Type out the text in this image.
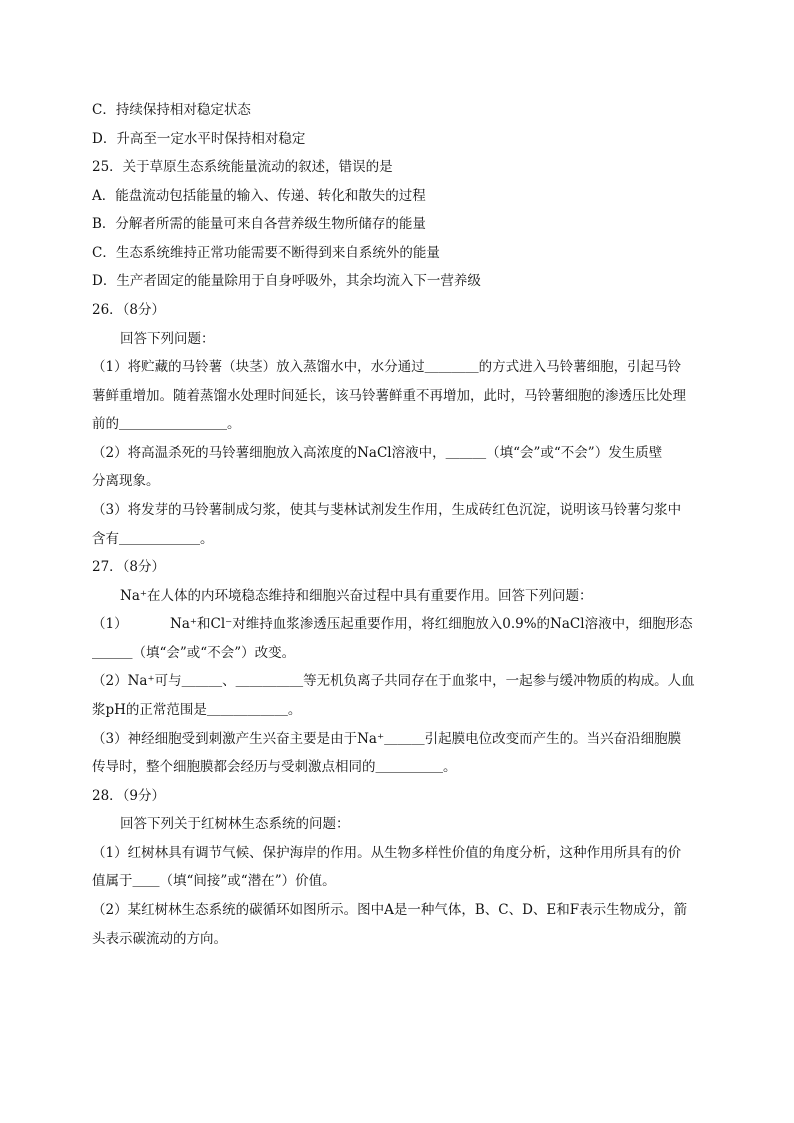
C．持续保持相对稳定状态
D．升高至一定水平时保持相对稳定
25．关于草原生态系统能量流动的叙述，错误的是
A．能盘流动包括能量的输入、传递、转化和散失的过程
B．分解者所需的能量可来自各营养级生物所储存的能量
C．生态系统维持正常功能需要不断得到来自系统外的能量
D．生产者固定的能量除用于自身呼吸外，其余均流入下一营养级
26．（8分）
回答下列问题：
（1）将贮藏的马铃薯（块茎）放入蒸馏水中，水分通过＿＿＿＿的方式进入马铃薯细胞，引起马铃
薯鲜重增加。随着蒸馏水处理时间延长，该马铃薯鲜重不再增加，此时，马铃薯细胞的渗透压比处理
前的＿＿＿＿＿＿＿＿。
（2）将高温杀死的马铃薯细胞放入高浓度的NaCl溶液中，＿＿＿（填“会”或“不会”）发生质壁
分离现象。
（3）将发芽的马铃薯制成匀浆，使其与斐林试剂发生作用，生成砖红色沉淀，说明该马铃薯匀浆中
含有＿＿＿＿＿＿。
27．（8分）
Na⁺在人体的内环境稳态维持和细胞兴奋过程中具有重要作用。回答下列问题：
（1）	Na⁺和Cl⁻对维持血浆渗透压起重要作用，将红细胞放入0.9%的NaCl溶液中，细胞形态
＿＿＿（填“会”或“不会”）改变。
（2）Na⁺可与＿＿＿、＿＿＿＿＿等无机负离子共同存在于血浆中，一起参与缓冲物质的构成。人血
浆pH的正常范围是＿＿＿＿＿＿。
（3）神经细胞受到刺激产生兴奋主要是由于Na⁺＿＿＿引起膜电位改变而产生的。当兴奋沿细胞膜
传导时，整个细胞膜都会经历与受刺激点相同的＿＿＿＿＿。
28．（9分）
回答下列关于红树林生态系统的问题：
（1）红树林具有调节气候、保护海岸的作用。从生物多样性价值的角度分析，这种作用所具有的价
值属于＿＿（填“间接”或“潜在”）价值。
（2）某红树林生态系统的碳循环如图所示。图中A是一种气体，B、C、D、E和F表示生物成分，箭
头表示碳流动的方向。
